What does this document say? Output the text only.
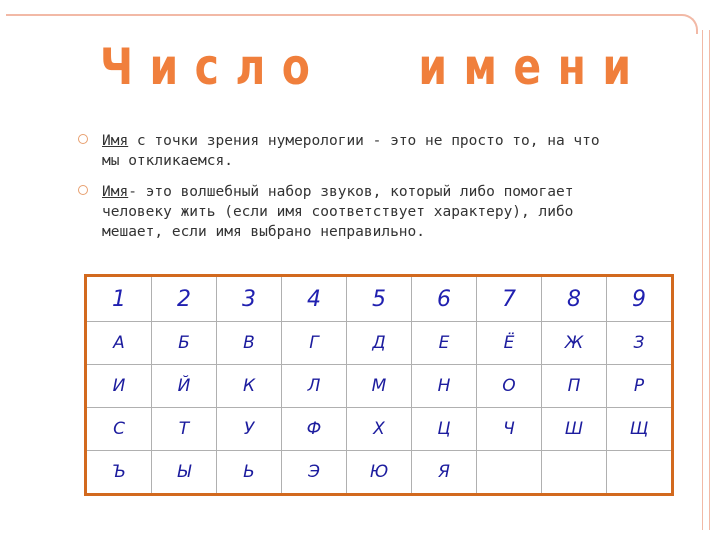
Число   имени
Имя с точки зрения нумерологии - это не просто то, на что мы откликаемся.
Имя- это волшебный набор звуков, который либо помогает человеку жить (если имя соответствует характеру), либо мешает, если имя выбрано неправильно.
1	2	3	4	5	6	7	8	9
А	Б	В	Г	Д	Е	Ё	Ж	З
И	Й	К	Л	М	Н	О	П	Р
С	Т	У	Ф	Х	Ц	Ч	Ш	Щ
Ъ	Ы	Ь	Э	Ю	Я			
